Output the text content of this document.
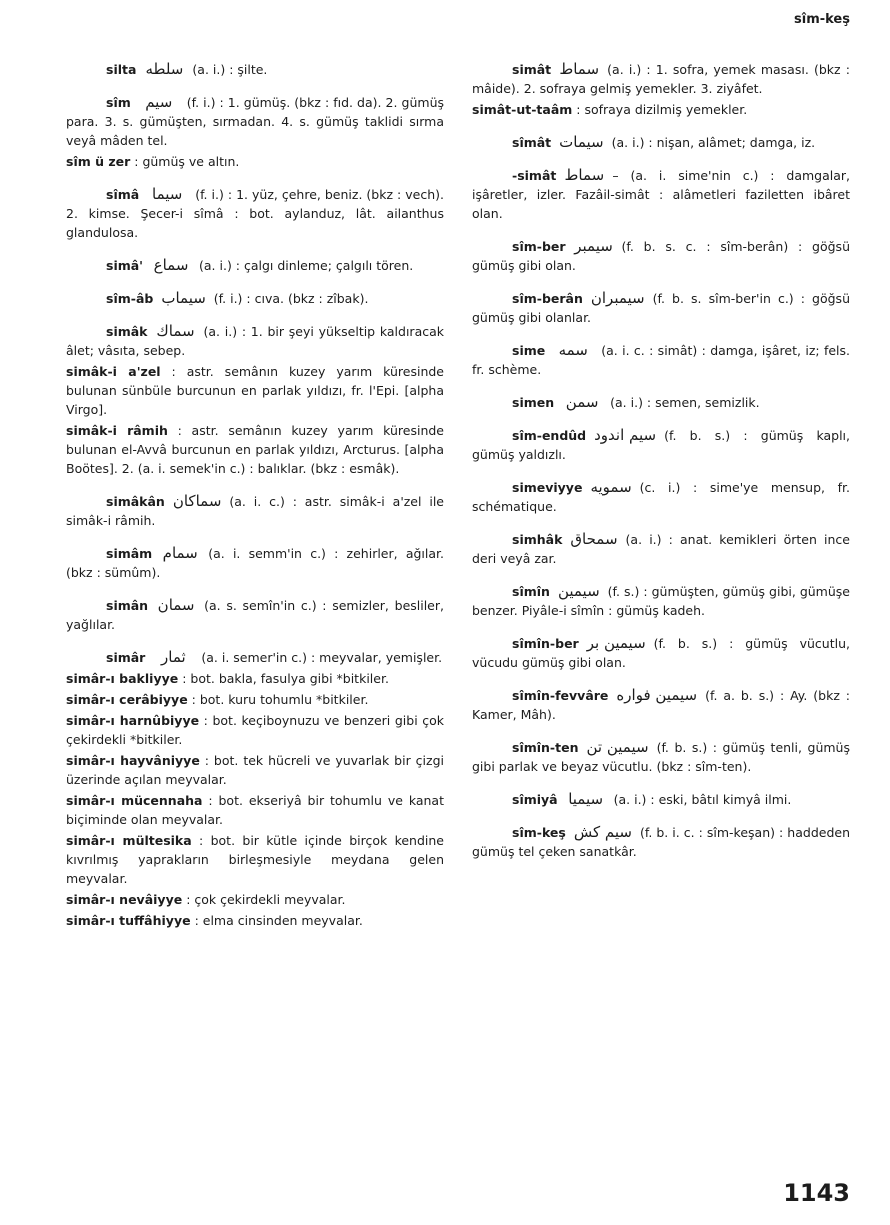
sîm-keş

silta سلطه (a. i.) : şilte.

sîm سيم (f. i.) : 1. gümüş. (bkz : fıd. da). 2. gümüş para. 3. s. gümüşten, sırmadan. 4. s. gümüş taklidi sırma veyâ mâden tel.

sîm ü zer : gümüş ve altın.

sîmâ سيما (f. i.) : 1. yüz, çehre, beniz. (bkz : vech). 2. kimse. Şecer-i sîmâ : bot. aylanduz, lât. ailanthus glandulosa.

simâ' سماع (a. i.) : çalgı dinleme; çalgılı tören.

sîm-âb سيماب (f. i.) : cıva. (bkz : zîbak).

simâk سماك (a. i.) : 1. bir şeyi yükseltip kaldıracak âlet; vâsıta, sebep.

simâk-i a'zel : astr. semânın kuzey yarım küresinde bulunan sünbüle burcunun en parlak yıldızı, fr. l'Epi. [alpha Virgo].

simâk-i râmih : astr. semânın kuzey yarım küresinde bulunan el-Avvâ burcunun en parlak yıldızı, Arcturus. [alpha Boötes]. 2. (a. i. semek'in c.) : balıklar. (bkz : esmâk).

simâkân سماكان (a. i. c.) : astr. simâk-i a'zel ile simâk-i râmih.

simâm سمام (a. i. semm'in c.) : zehirler, ağılar. (bkz : sümûm).

simân سمان (a. s. semîn'in c.) : semizler, besliler, yağlılar.

simâr ثمار (a. i. semer'in c.) : meyvalar, yemişler.

simâr-ı bakliyye : bot. bakla, fasulya gibi *bitkiler.

simâr-ı cerâbiyye : bot. kuru tohumlu *bitkiler.

simâr-ı harnûbiyye : bot. keçiboynuzu ve benzeri gibi çok çekirdekli *bitkiler.

simâr-ı hayvâniyye : bot. tek hücreli ve yuvarlak bir çizgi üzerinde açılan meyvalar.

simâr-ı mücennaha : bot. ekseriyâ bir tohumlu ve kanat biçiminde olan meyvalar.

simâr-ı mültesika : bot. bir kütle içinde birçok kendine kıvrılmış yaprakların birleşmesiyle meydana gelen meyvalar.

simâr-ı nevâiyye : çok çekirdekli meyvalar.

simâr-ı tuffâhiyye : elma cinsinden meyvalar.

simât سماط (a. i.) : 1. sofra, yemek masası. (bkz : mâide). 2. sofraya gelmiş yemekler. 3. ziyâfet.

simât-ut-taâm : sofraya dizilmiş yemekler.

sîmât سيمات (a. i.) : nişan, alâmet; damga, iz.

-simât سماط – (a. i. sime'nin c.) : damgalar, işâretler, izler. Fazâil-simât : alâmetleri faziletten ibâret olan.

sîm-ber سيمبر (f. b. s. c. : sîm-berân) : göğsü gümüş gibi olan.

sîm-berân سيمبران (f. b. s. sîm-ber'in c.) : göğsü gümüş gibi olanlar.

sime سمه (a. i. c. : simât) : damga, işâret, iz; fels. fr. schème.

simen سمن (a. i.) : semen, semizlik.

sîm-endûd سيم اندود (f. b. s.) : gümüş kaplı, gümüş yaldızlı.

simeviyye سمويه (c. i.) : sime'ye mensup, fr. schématique.

simhâk سمحاق (a. i.) : anat. kemikleri örten ince deri veyâ zar.

sîmîn سيمين (f. s.) : gümüşten, gümüş gibi, gümüşe benzer. Piyâle-i sîmîn : gümüş kadeh.

sîmîn-ber سيمين بر (f. b. s.) : gümüş vücutlu, vücudu gümüş gibi olan.

sîmîn-fevvâre سيمين فواره (f. a. b. s.) : Ay. (bkz : Kamer, Mâh).

sîmîn-ten سيمين تن (f. b. s.) : gümüş tenli, gümüş gibi parlak ve beyaz vücutlu. (bkz : sîm-ten).

sîmiyâ سيميا (a. i.) : eski, bâtıl kimyâ ilmi.

sîm-keş سيم كش (f. b. i. c. : sîm-keşan) : haddeden gümüş tel çeken sanatkâr.

1143
